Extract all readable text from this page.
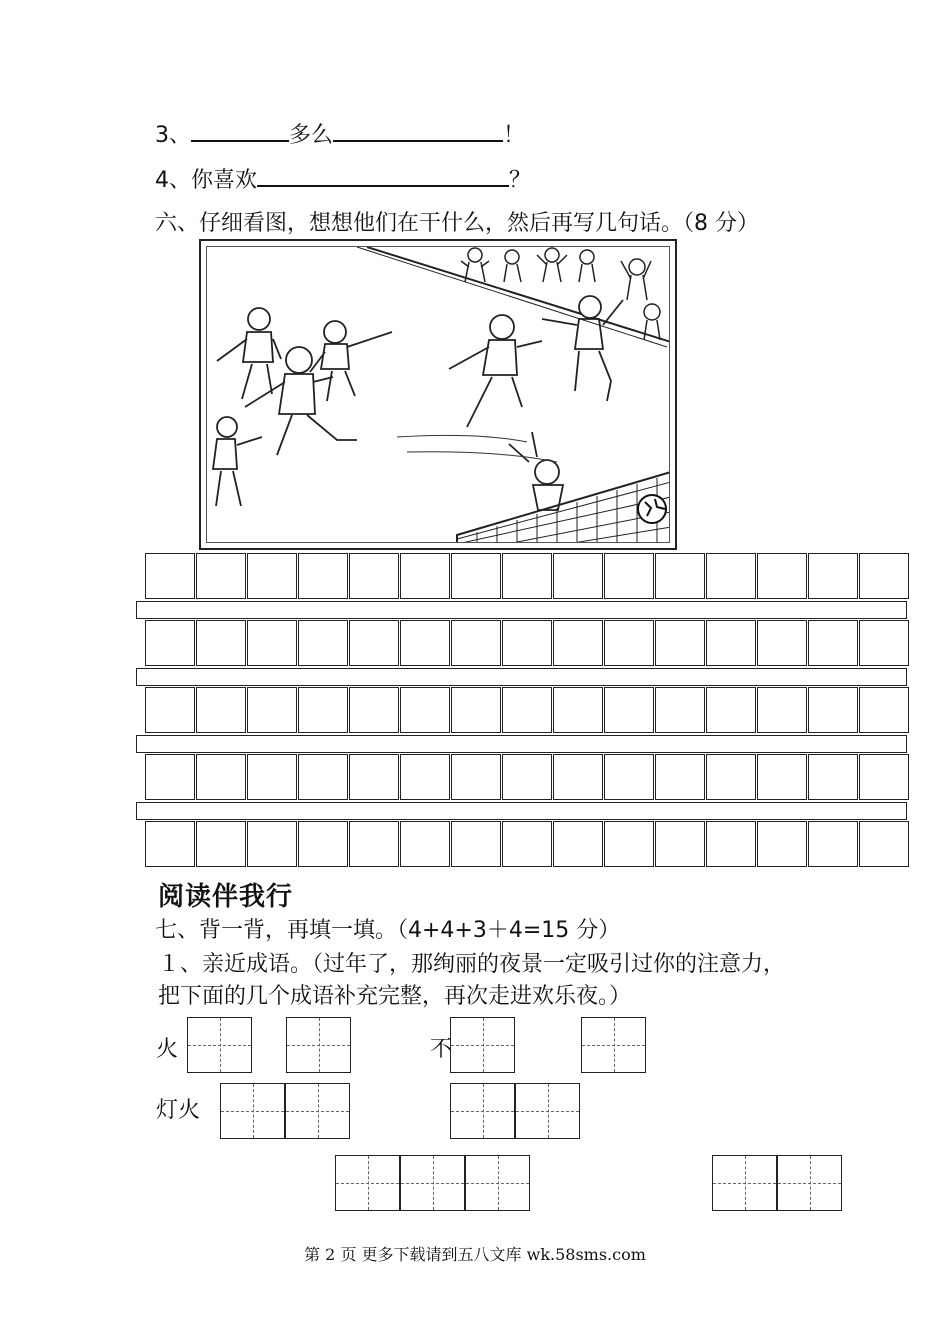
3、	多么	！
4、你喜欢	？
六、仔细看图，想想他们在干什么，然后再写几句话。（8 分）
阅读伴我行
七、背一背，再填一填。（4+4+3＋4=15 分）
１、亲近成语。（过年了，那绚丽的夜景一定吸引过你的注意力，
把下面的几个成语补充完整，再次走进欢乐夜。）
火	不
灯火
第 2 页 更多下载请到五八文库 wk.58sms.com
